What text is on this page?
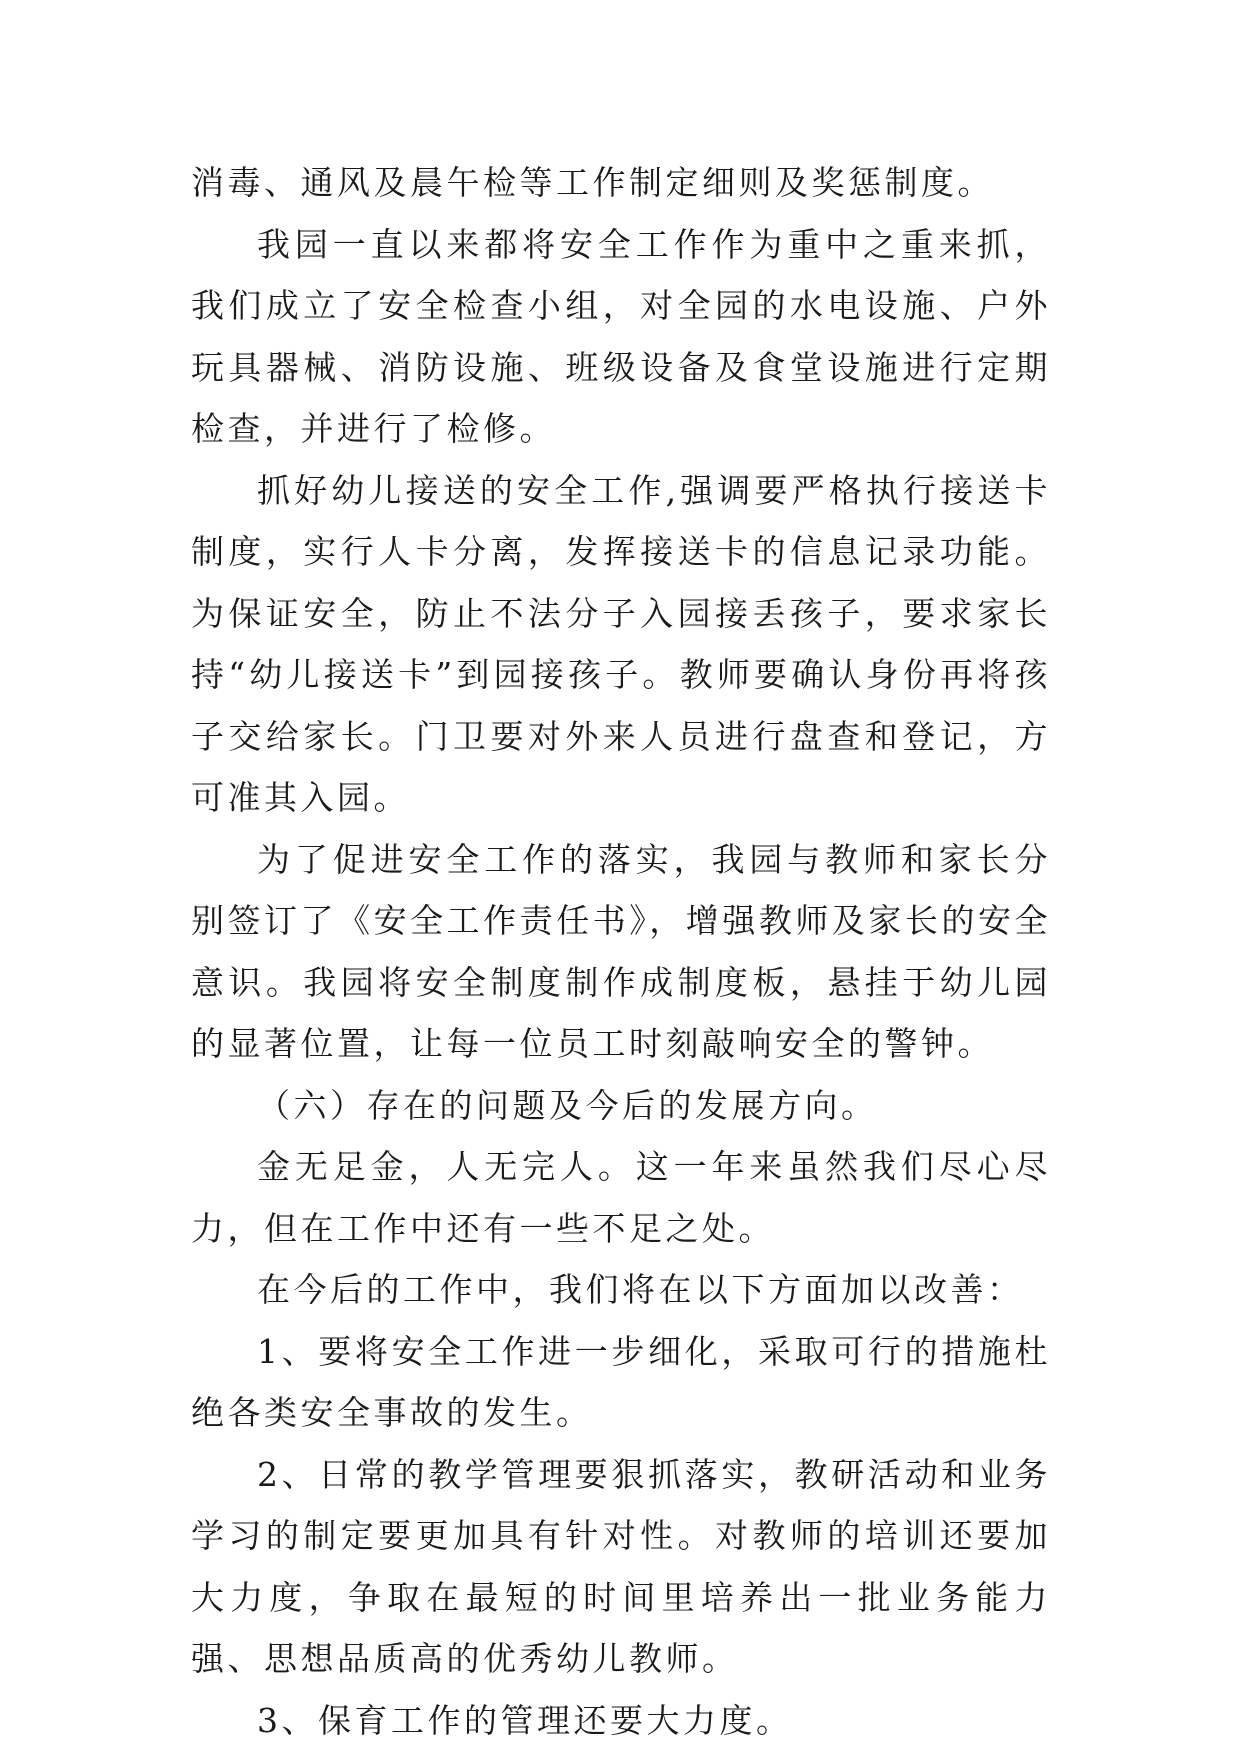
消毒、通风及晨午检等工作制定细则及奖惩制度。

我园一直以来都将安全工作作为重中之重来抓，我们成立了安全检查小组，对全园的水电设施、户外玩具器械、消防设施、班级设备及食堂设施进行定期检查，并进行了检修。

抓好幼儿接送的安全工作,强调要严格执行接送卡制度，实行人卡分离，发挥接送卡的信息记录功能。为保证安全，防止不法分子入园接丢孩子，要求家长持“幼儿接送卡”到园接孩子。教师要确认身份再将孩子交给家长。门卫要对外来人员进行盘查和登记，方可准其入园。

为了促进安全工作的落实，我园与教师和家长分别签订了《安全工作责任书》，增强教师及家长的安全意识。我园将安全制度制作成制度板，悬挂于幼儿园的显著位置，让每一位员工时刻敲响安全的警钟。

（六）存在的问题及今后的发展方向。

金无足金，人无完人。这一年来虽然我们尽心尽力，但在工作中还有一些不足之处。

在今后的工作中，我们将在以下方面加以改善：

1、要将安全工作进一步细化，采取可行的措施杜绝各类安全事故的发生。

2、日常的教学管理要狠抓落实，教研活动和业务学习的制定要更加具有针对性。对教师的培训还要加大力度，争取在最短的时间里培养出一批业务能力强、思想品质高的优秀幼儿教师。

3、保育工作的管理还要大力度。
